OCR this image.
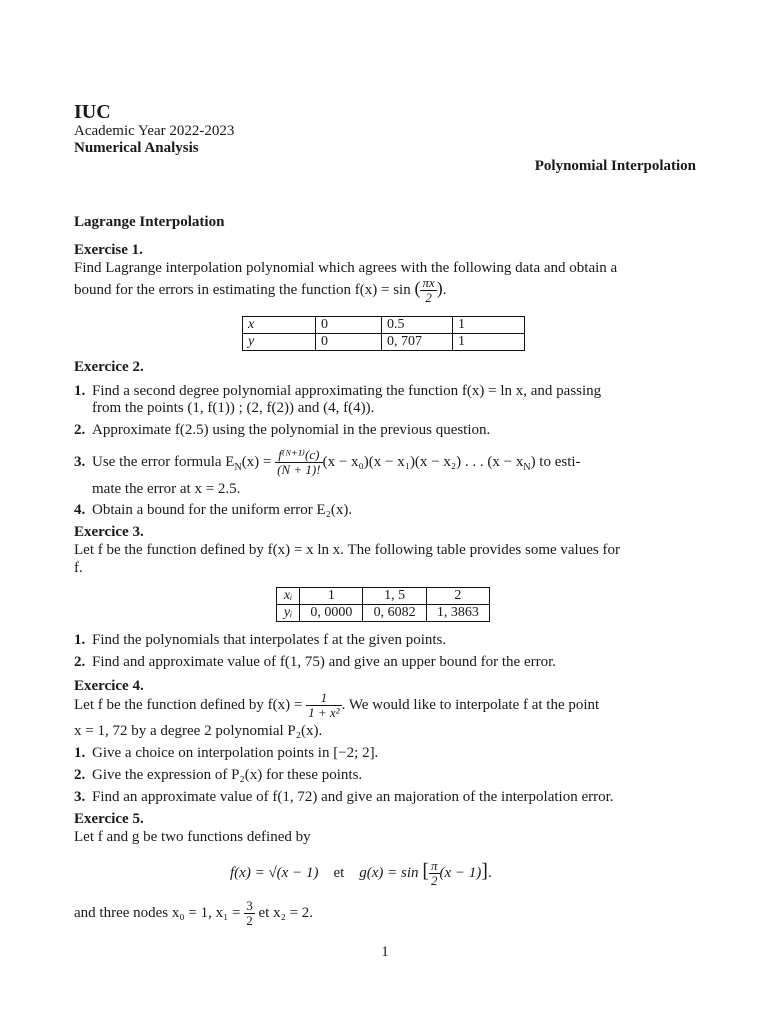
IUC
Academic Year 2022-2023
Numerical Analysis
Polynomial Interpolation
Lagrange Interpolation
Exercise 1.
Find Lagrange interpolation polynomial which agrees with the following data and obtain a
bound for the errors in estimating the function f(x) = sin ( $\frac{\pi x}{2}$ ).
x	0	0.5	1
y	0	0, 707	1
Exercice 2.
1. Find a second degree polynomial approximating the function f(x) = ln x, and passing
from the points (1, f(1)) ; (2, f(2)) and (4, f(4)).
2. Approximate f(2.5) using the polynomial in the previous question.
3. Use the error formula $E_N(x) = \frac{\text{f⁽ᴺ⁺¹⁾(c)}}{(N + 1)!} (x - x_0)(x - x_1)(x - x_2)$ . . . $(x - x_N)$ to esti-
mate the error at x = 2.5.
4. Obtain a bound for the uniform error E₂(x).
Exercice 3.
Let f be the function defined by f(x) = x ln x. The following table provides some values for
f.
xᵢ	1	1, 5	2
yᵢ	0, 0000	0, 6082	1, 3863
1. Find the polynomials that interpolates f at the given points.
2. Find and approximate value of f(1, 75) and give an upper bound for the error.
Exercice 4.
Let f be the function defined by $f(x) = \frac{1}{\text{1 + x²}}$ . We would like to interpolate f at the point
x = 1, 72 by a degree 2 polynomial P₂(x).
1. Give a choice on interpolation points in [−2; 2].
2. Give the expression of P₂(x) for these points.
3. Find an approximate value of f(1, 72) and give an majoration of the interpolation error.
Exercice 5.
Let f and g be two functions defined by
f(x) = √(x − 1) et g(x) = sin [ $\frac{\pi}{2} (x - 1)$].
and three nodes x₀ = 1, $x_1 = \frac{3}{2}$ et x₂ = 2.
1
